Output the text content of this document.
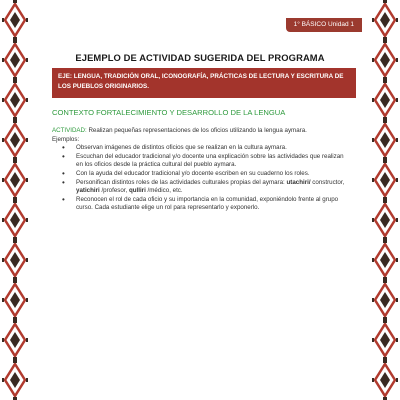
1° BÁSICO Unidad 1
EJEMPLO DE ACTIVIDAD SUGERIDA DEL PROGRAMA
EJE: LENGUA, TRADICIÓN ORAL, ICONOGRAFÍA, PRÁCTICAS DE LECTURA Y ESCRITURA DE LOS PUEBLOS ORIGINARIOS.
CONTEXTO FORTALECIMIENTO Y DESARROLLO DE LA LENGUA
ACTIVIDAD: Realizan pequeñas representaciones de los oficios utilizando la lengua aymara.
Ejemplos:
• Observan imágenes de distintos oficios que se realizan en la cultura aymara.
• Escuchan del educador tradicional y/o docente una explicación sobre las actividades que realizan en los oficios desde la práctica cultural del pueblo aymara.
• Con la ayuda del educador tradicional y/o docente escriben en su cuaderno los roles.
• Personifican distintos roles de las actividades culturales propias del aymara: utachiri/ constructor, yatichiri /profesor, qulliri /médico, etc.
• Reconocen el rol de cada oficio y su importancia en la comunidad, exponiéndolo frente al grupo curso. Cada estudiante elige un rol para representarlo y exponerlo.
